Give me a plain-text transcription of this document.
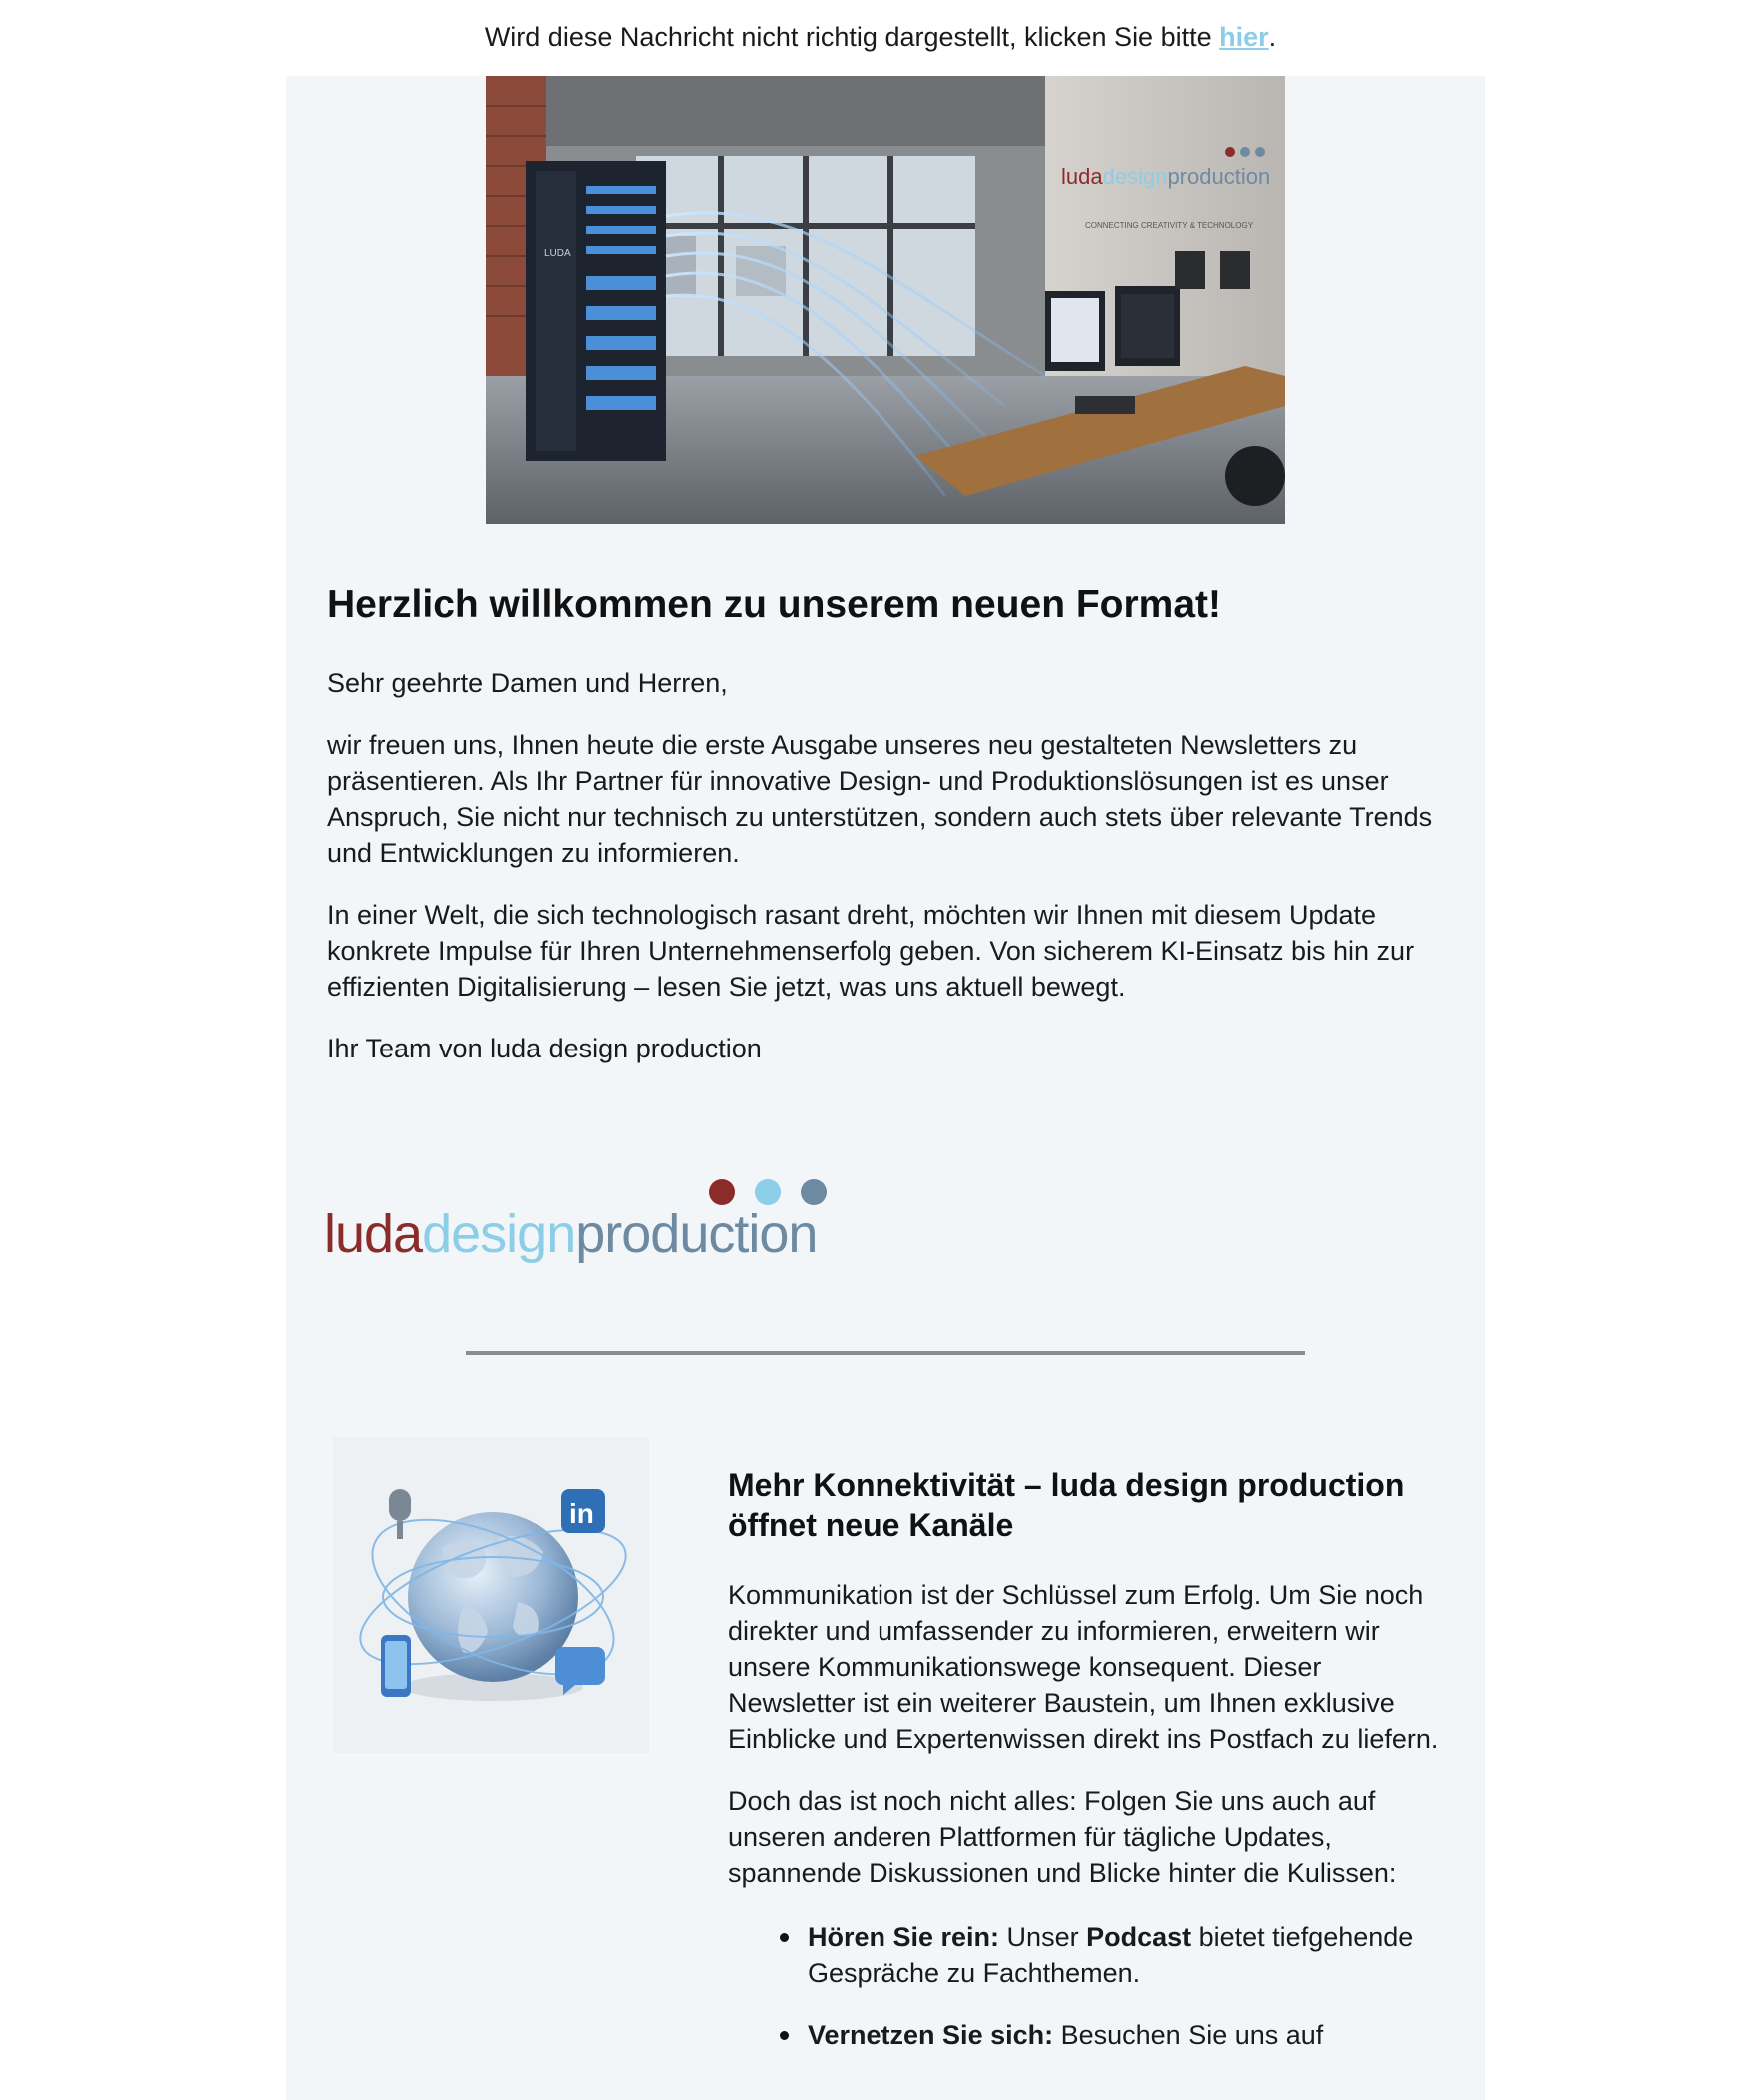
Wird diese Nachricht nicht richtig dargestellt, klicken Sie bitte hier.
ludadesignproduction
CONNECTING CREATIVITY & TECHNOLOGY
LUDA
Herzlich willkommen zu unserem neuen Format!

Sehr geehrte Damen und Herren,

wir freuen uns, Ihnen heute die erste Ausgabe unseres neu gestalteten Newsletters zu präsentieren. Als Ihr Partner für innovative Design- und Produktionslösungen ist es unser Anspruch, Sie nicht nur technisch zu unterstützen, sondern auch stets über relevante Trends und Entwicklungen zu informieren.

In einer Welt, die sich technologisch rasant dreht, möchten wir Ihnen mit diesem Update konkrete Impulse für Ihren Unternehmenserfolg geben. Von sicherem KI-Einsatz bis hin zur effizienten Digitalisierung – lesen Sie jetzt, was uns aktuell bewegt.

Ihr Team von luda design production

ludadesignproduction
in
Mehr Konnektivität – luda design production öffnet neue Kanäle

Kommunikation ist der Schlüssel zum Erfolg. Um Sie noch direkter und umfassender zu informieren, erweitern wir unsere Kommunikationswege konsequent. Dieser Newsletter ist ein weiterer Baustein, um Ihnen exklusive Einblicke und Expertenwissen direkt ins Postfach zu liefern.

Doch das ist noch nicht alles: Folgen Sie uns auch auf unseren anderen Plattformen für tägliche Updates, spannende Diskussionen und Blicke hinter die Kulissen:

Hören Sie rein: Unser Podcast bietet tiefgehende Gespräche zu Fachthemen.
Vernetzen Sie sich: Besuchen Sie uns auf
